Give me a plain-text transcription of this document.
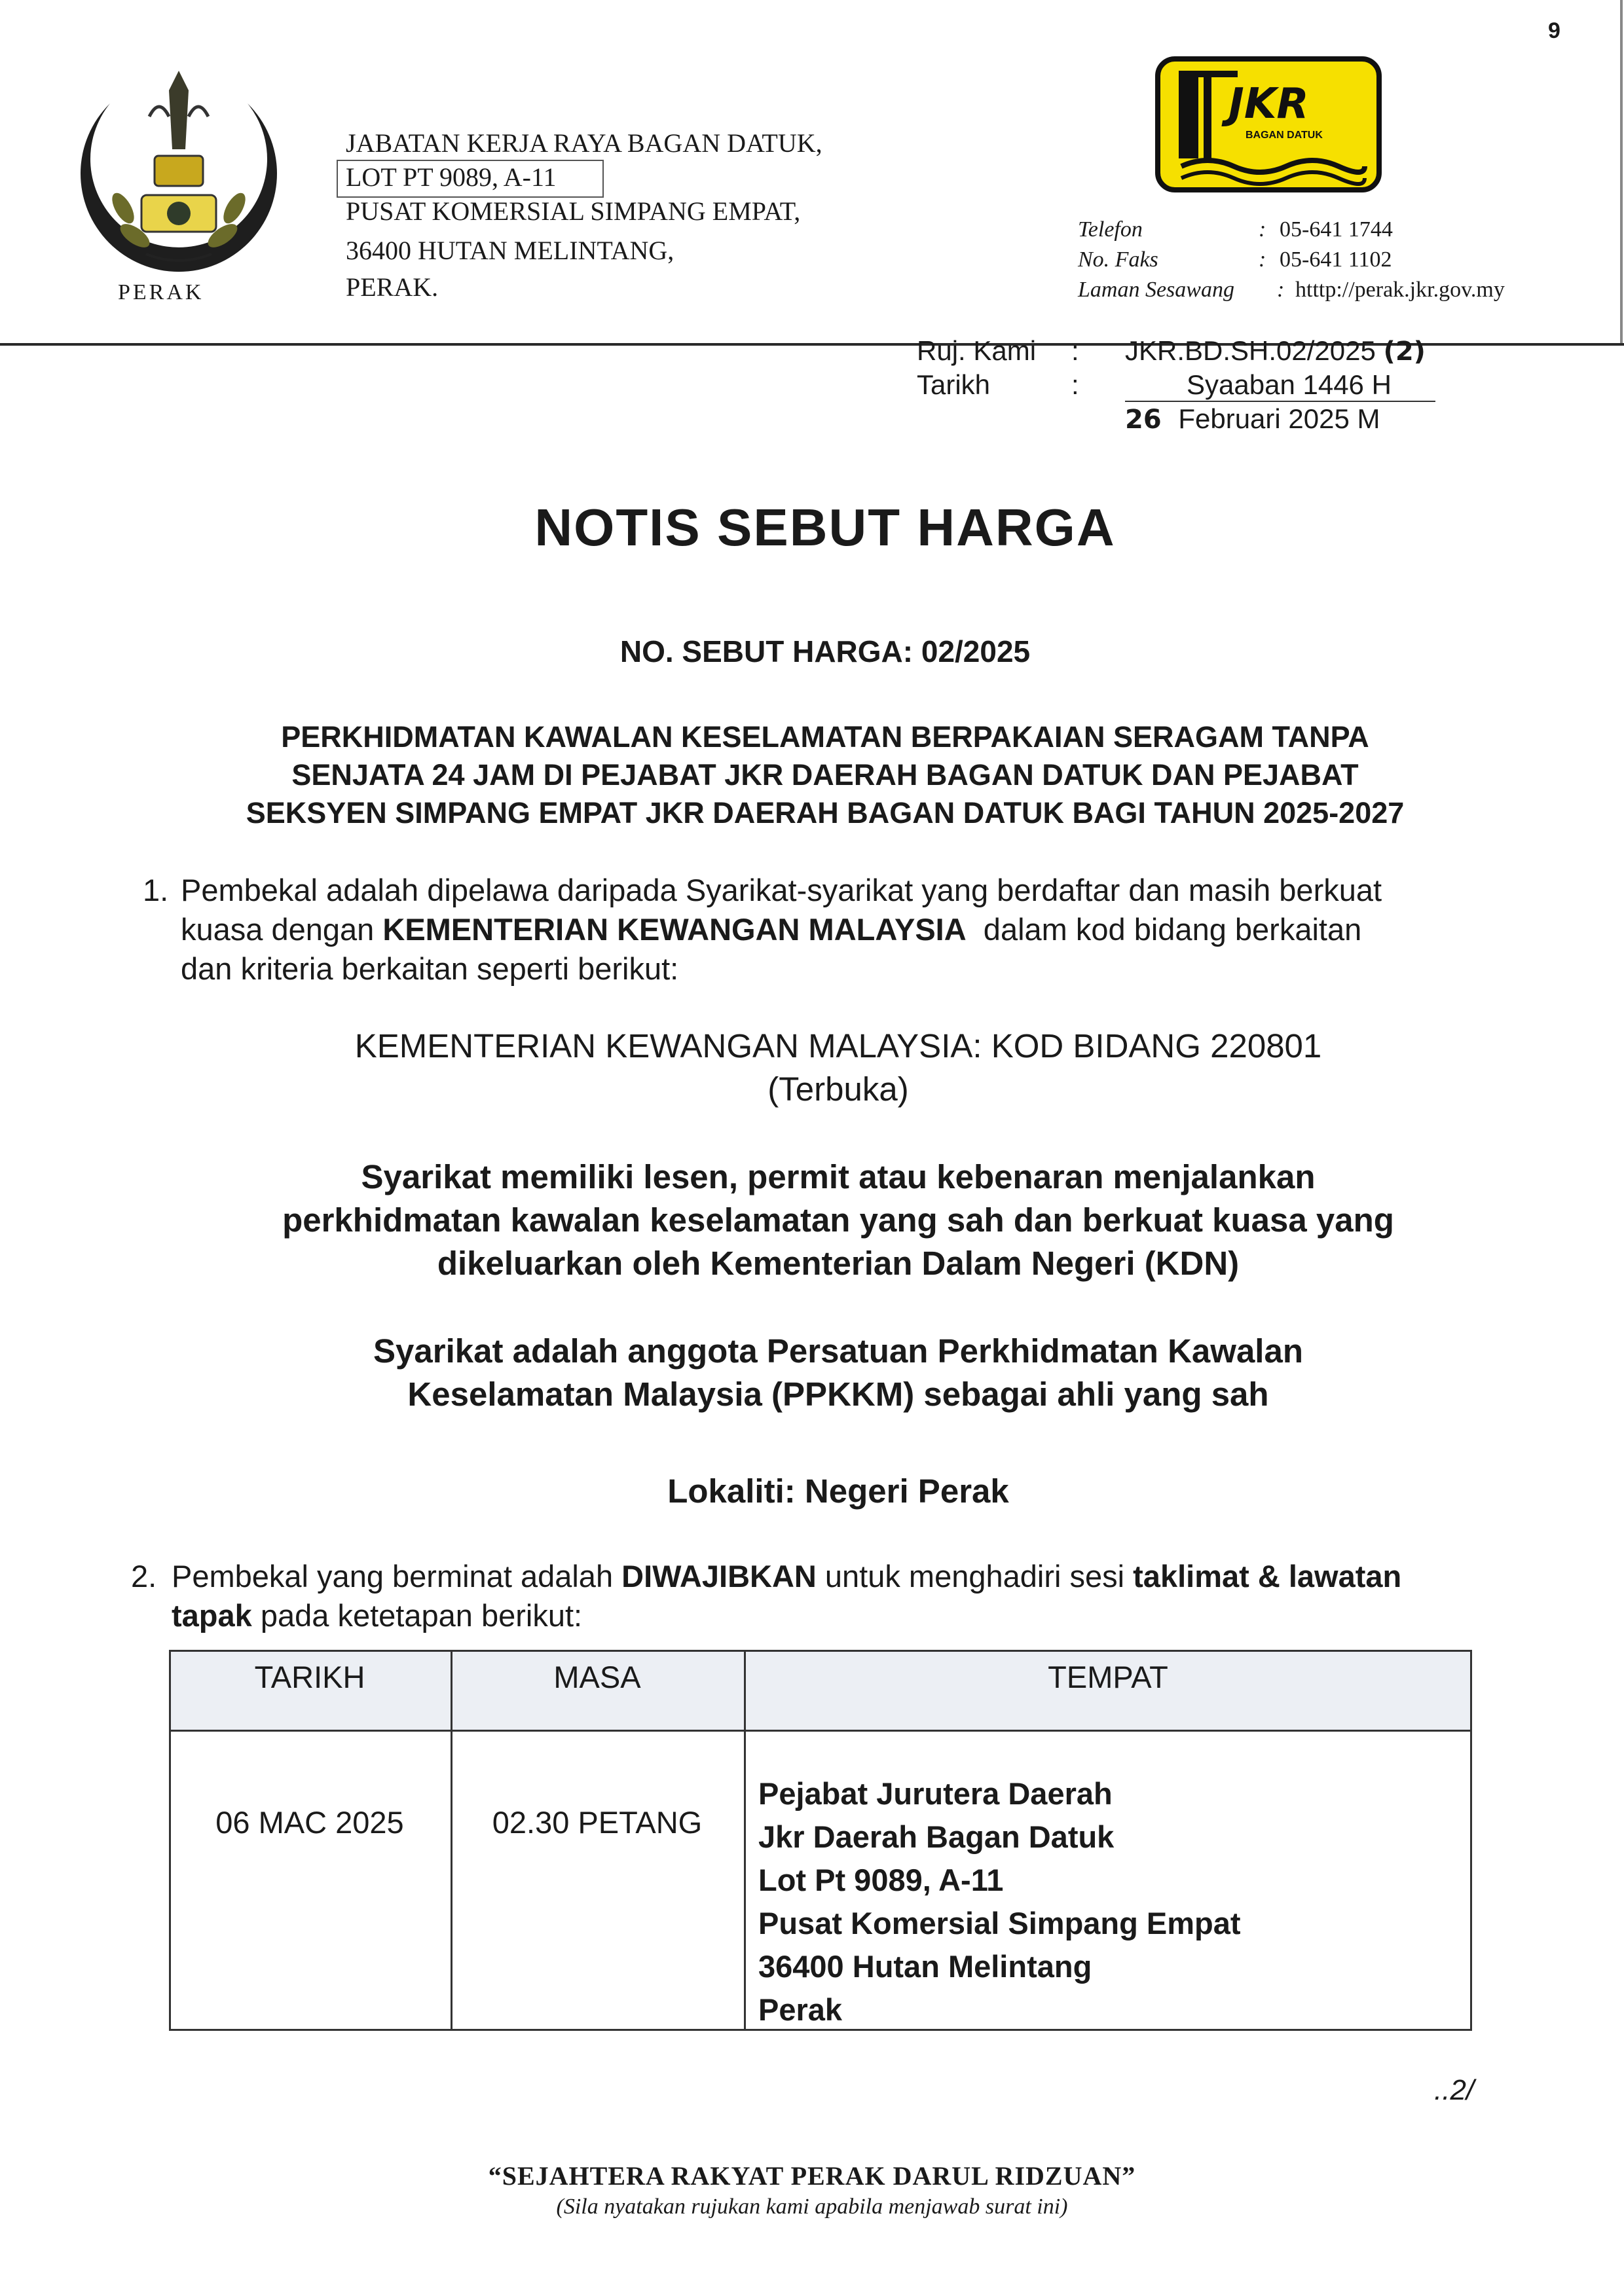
PERAK
JABATAN KERJA RAYA BAGAN DATUK,
LOT PT 9089, A-11
PUSAT KOMERSIAL SIMPANG EMPAT,
36400 HUTAN MELINTANG,
PERAK.
JKR
BAGAN DATUK
9
Telefon	: 05-641 1744
No. Faks	: 05-641 1102
Laman Sesawang : htttp://perak.jkr.gov.my
Ruj. Kami : JKR.BD.SH.02/2025 (2)
Tarikh	:	Syaaban 1446 H
26 Februari 2025 M
NOTIS SEBUT HARGA
NO. SEBUT HARGA: 02/2025
PERKHIDMATAN KAWALAN KESELAMATAN BERPAKAIAN SERAGAM TANPA
SENJATA 24 JAM DI PEJABAT JKR DAERAH BAGAN DATUK DAN PEJABAT
SEKSYEN SIMPANG EMPAT JKR DAERAH BAGAN DATUK BAGI TAHUN 2025-2027
1. Pembekal adalah dipelawa daripada Syarikat-syarikat yang berdaftar dan masih berkuat
kuasa dengan KEMENTERIAN KEWANGAN MALAYSIA  dalam kod bidang berkaitan
dan kriteria berkaitan seperti berikut:
KEMENTERIAN KEWANGAN MALAYSIA: KOD BIDANG 220801
(Terbuka)
Syarikat memiliki lesen, permit atau kebenaran menjalankan
perkhidmatan kawalan keselamatan yang sah dan berkuat kuasa yang
dikeluarkan oleh Kementerian Dalam Negeri (KDN)
Syarikat adalah anggota Persatuan Perkhidmatan Kawalan
Keselamatan Malaysia (PPKKM) sebagai ahli yang sah
Lokaliti: Negeri Perak
2. Pembekal yang berminat adalah DIWAJIBKAN untuk menghadiri sesi taklimat & lawatan
tapak pada ketetapan berikut:
TARIKH	MASA	TEMPAT
06 MAC 2025	02.30 PETANG
Pejabat Jurutera Daerah
Jkr Daerah Bagan Datuk
Lot Pt 9089, A-11
Pusat Komersial Simpang Empat
36400 Hutan Melintang
Perak
..2/
“SEJAHTERA RAKYAT PERAK DARUL RIDZUAN”
(Sila nyatakan rujukan kami apabila menjawab surat ini)
